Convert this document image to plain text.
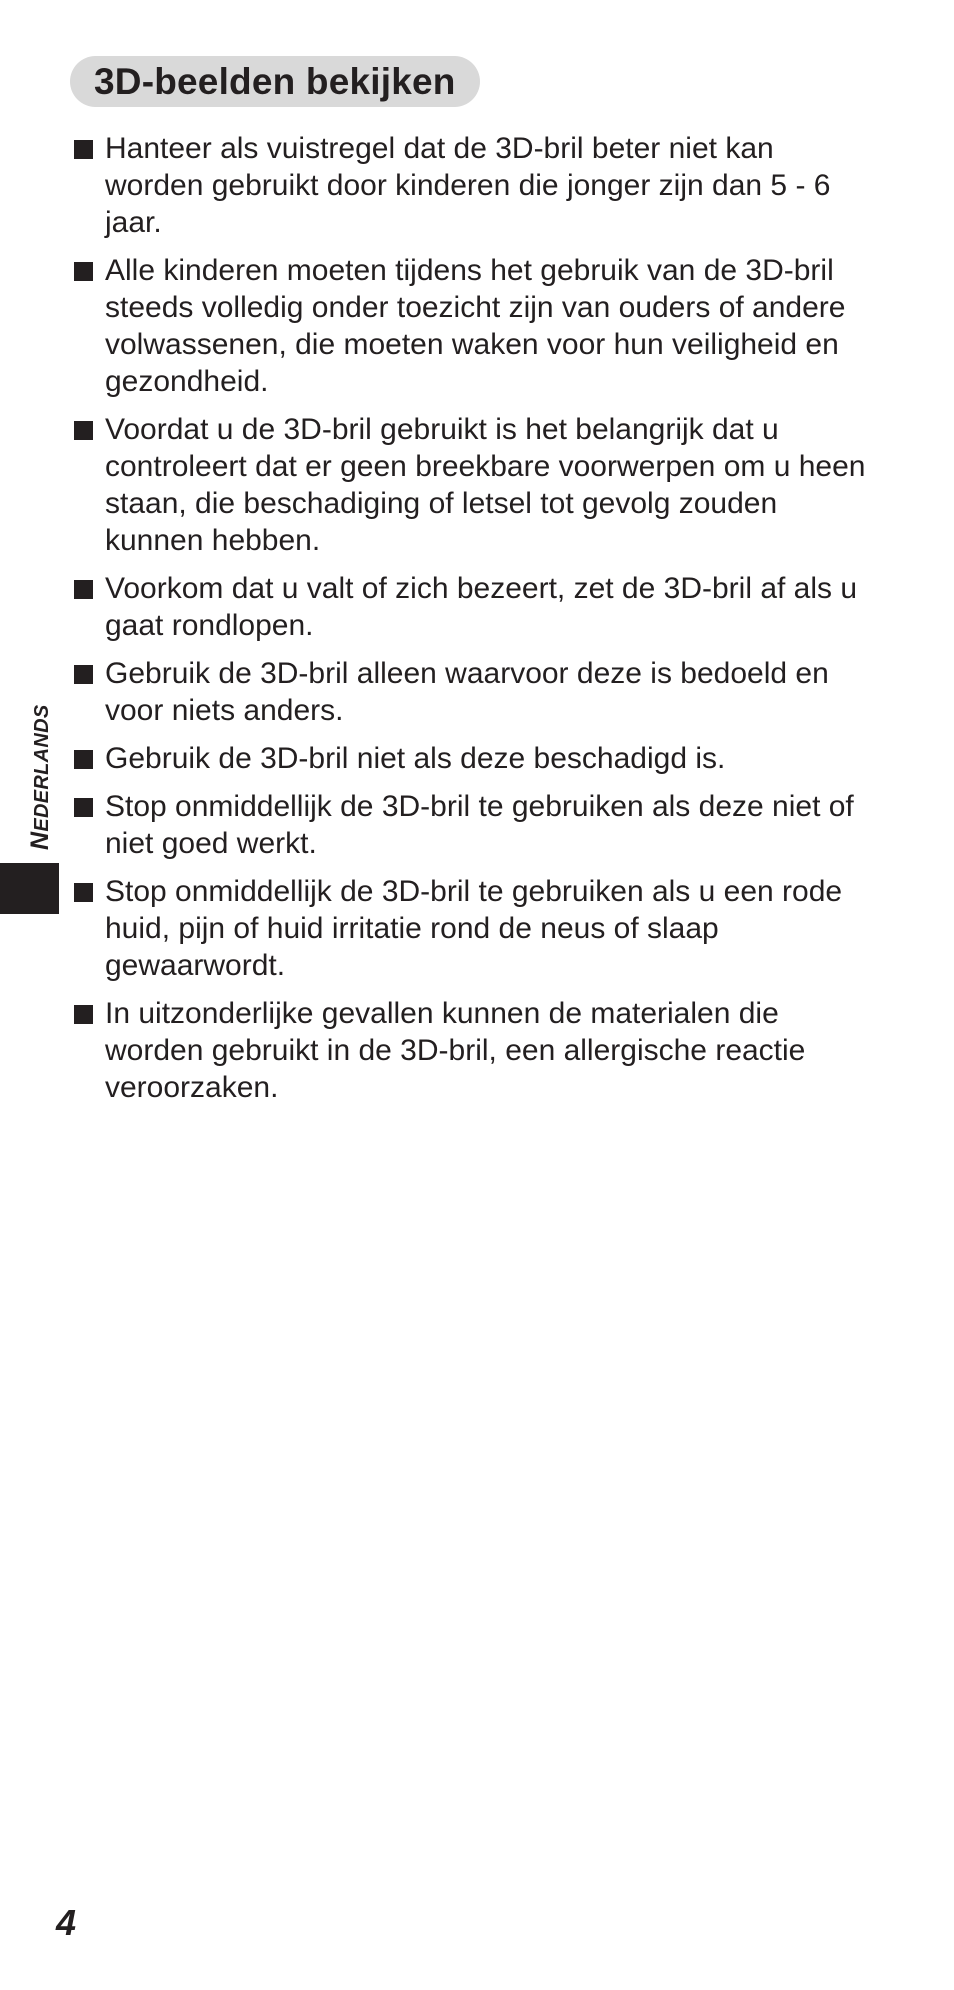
3D-beelden bekijken
Hanteer als vuistregel dat de 3D-bril beter niet kan worden gebruikt door kinderen die jonger zijn dan 5 - 6 jaar.
Alle kinderen moeten tijdens het gebruik van de 3D-bril steeds volledig onder toezicht zijn van ouders of andere volwassenen, die moeten waken voor hun veiligheid en gezondheid.
Voordat u de 3D-bril gebruikt is het belangrijk dat u controleert dat er geen breekbare voorwerpen om u heen staan, die beschadiging of letsel tot gevolg zouden kunnen hebben.
Voorkom dat u valt of zich bezeert, zet de 3D-bril af als u gaat rondlopen.
Gebruik de 3D-bril alleen waarvoor deze is bedoeld en voor niets anders.
Gebruik de 3D-bril niet als deze beschadigd is.
Stop onmiddellijk de 3D-bril te gebruiken als deze niet of niet goed werkt.
Stop onmiddellijk de 3D-bril te gebruiken als u een rode huid, pijn of huid irritatie rond de neus of slaap gewaarwordt.
In uitzonderlijke gevallen kunnen de materialen die worden gebruikt in de 3D-bril, een allergische reactie veroorzaken.
NEDERLANDS
4
